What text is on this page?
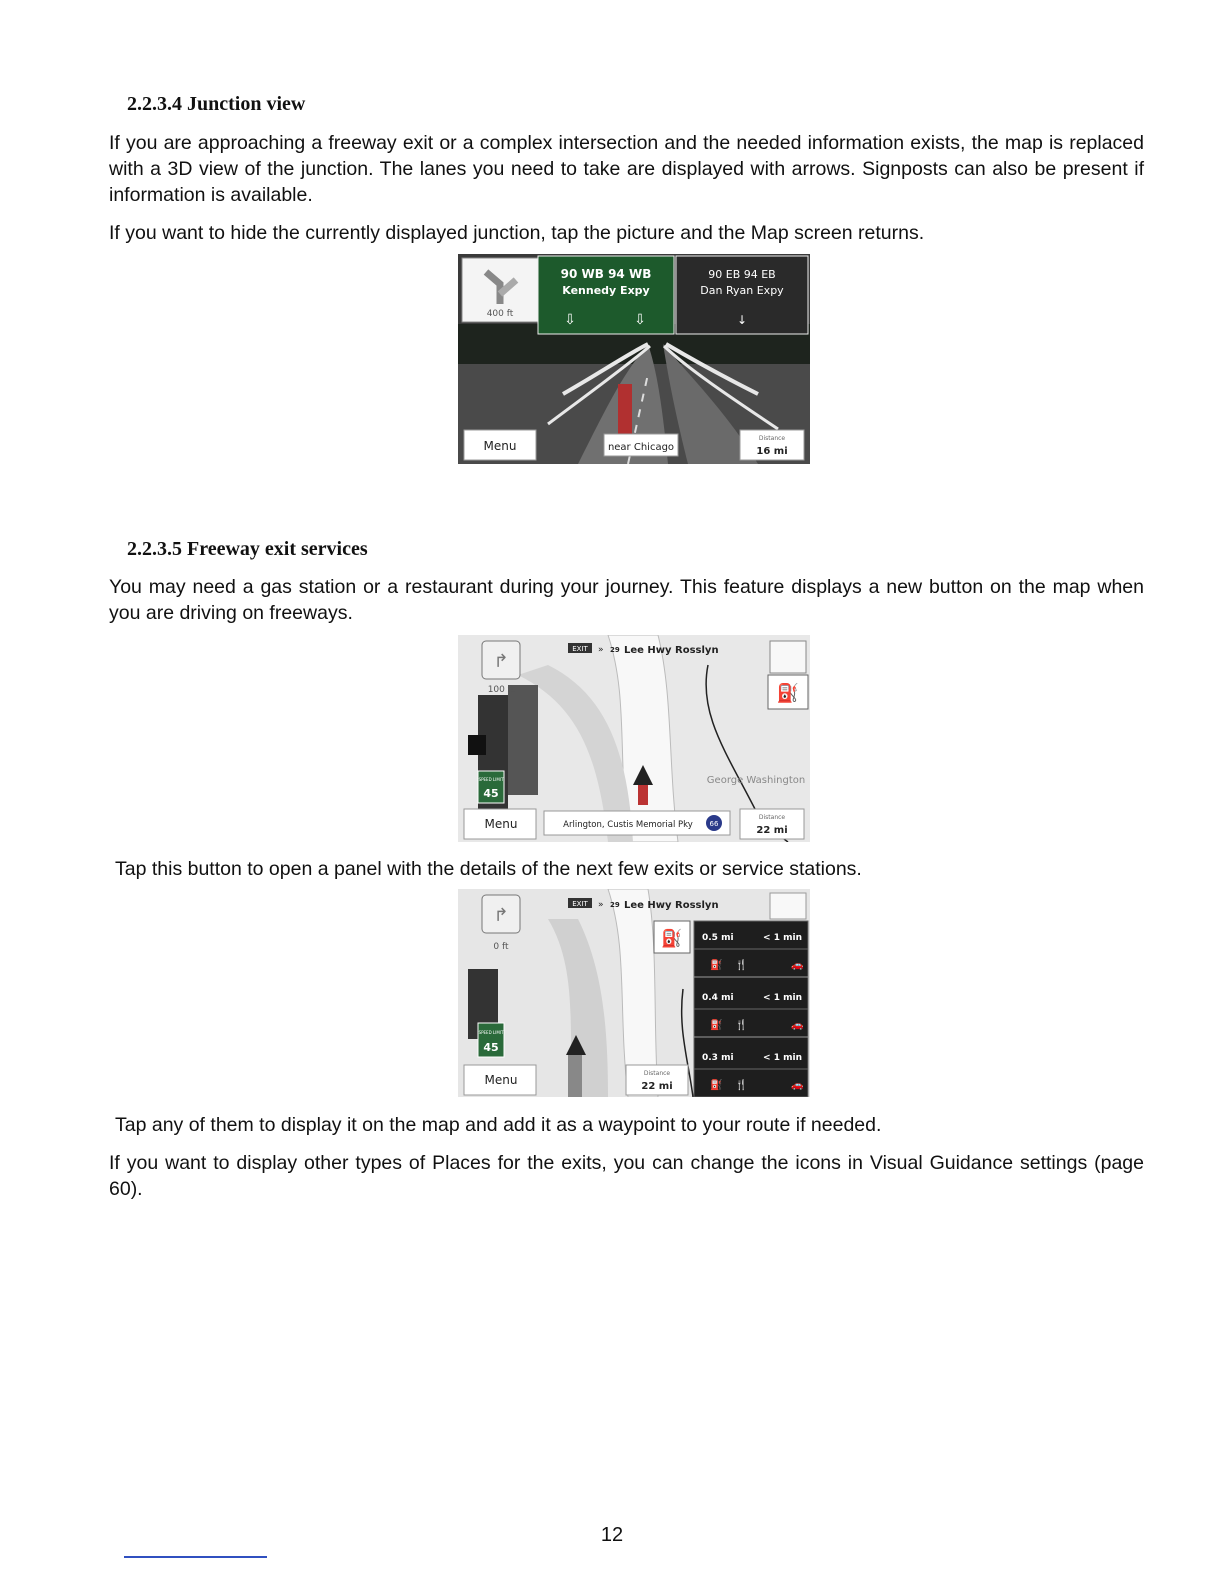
2.2.3.4 Junction view

If you are approaching a freeway exit or a complex intersection and the needed information exists, the map is replaced with a 3D view of the junction. The lanes you need to take are displayed with arrows. Signposts can also be present if information is available.

If you want to hide the currently displayed junction, tap the picture and the Map screen returns.

400 ft
90 WB 94 WB
Kennedy Expy
⇩	⇩
90 EB 94 EB
Dan Ryan Expy
↓
Menu	near Chicago
Distance
16 mi
2.2.3.5 Freeway exit services

You may need a gas station or a restaurant during your journey. This feature displays a new button on the map when you are driving on freeways.

↱
100 ft
EXIT » 29 Lee Hwy Rosslyn
⛽
George Washington
SPEED LIMIT
45
Menu	Arlington, Custis Memorial Pky 66
Distance
22 mi

Tap this button to open a panel with the details of the next few exits or service stations.

↱
0 ft
EXIT » 29 Lee Hwy Rosslyn
⛽ 0.5 mi	< 1 min
⛽ 🍴	🚗
0.4 mi	< 1 min
⛽ 🍴	🚗
0.3 mi	< 1 min
⛽ 🍴	🚗
SPEED LIMIT
45
Menu	Distance
22 mi

Tap any of them to display it on the map and add it as a waypoint to your route if needed.

If you want to display other types of Places for the exits, you can change the icons in Visual Guidance settings (page 60).

12
